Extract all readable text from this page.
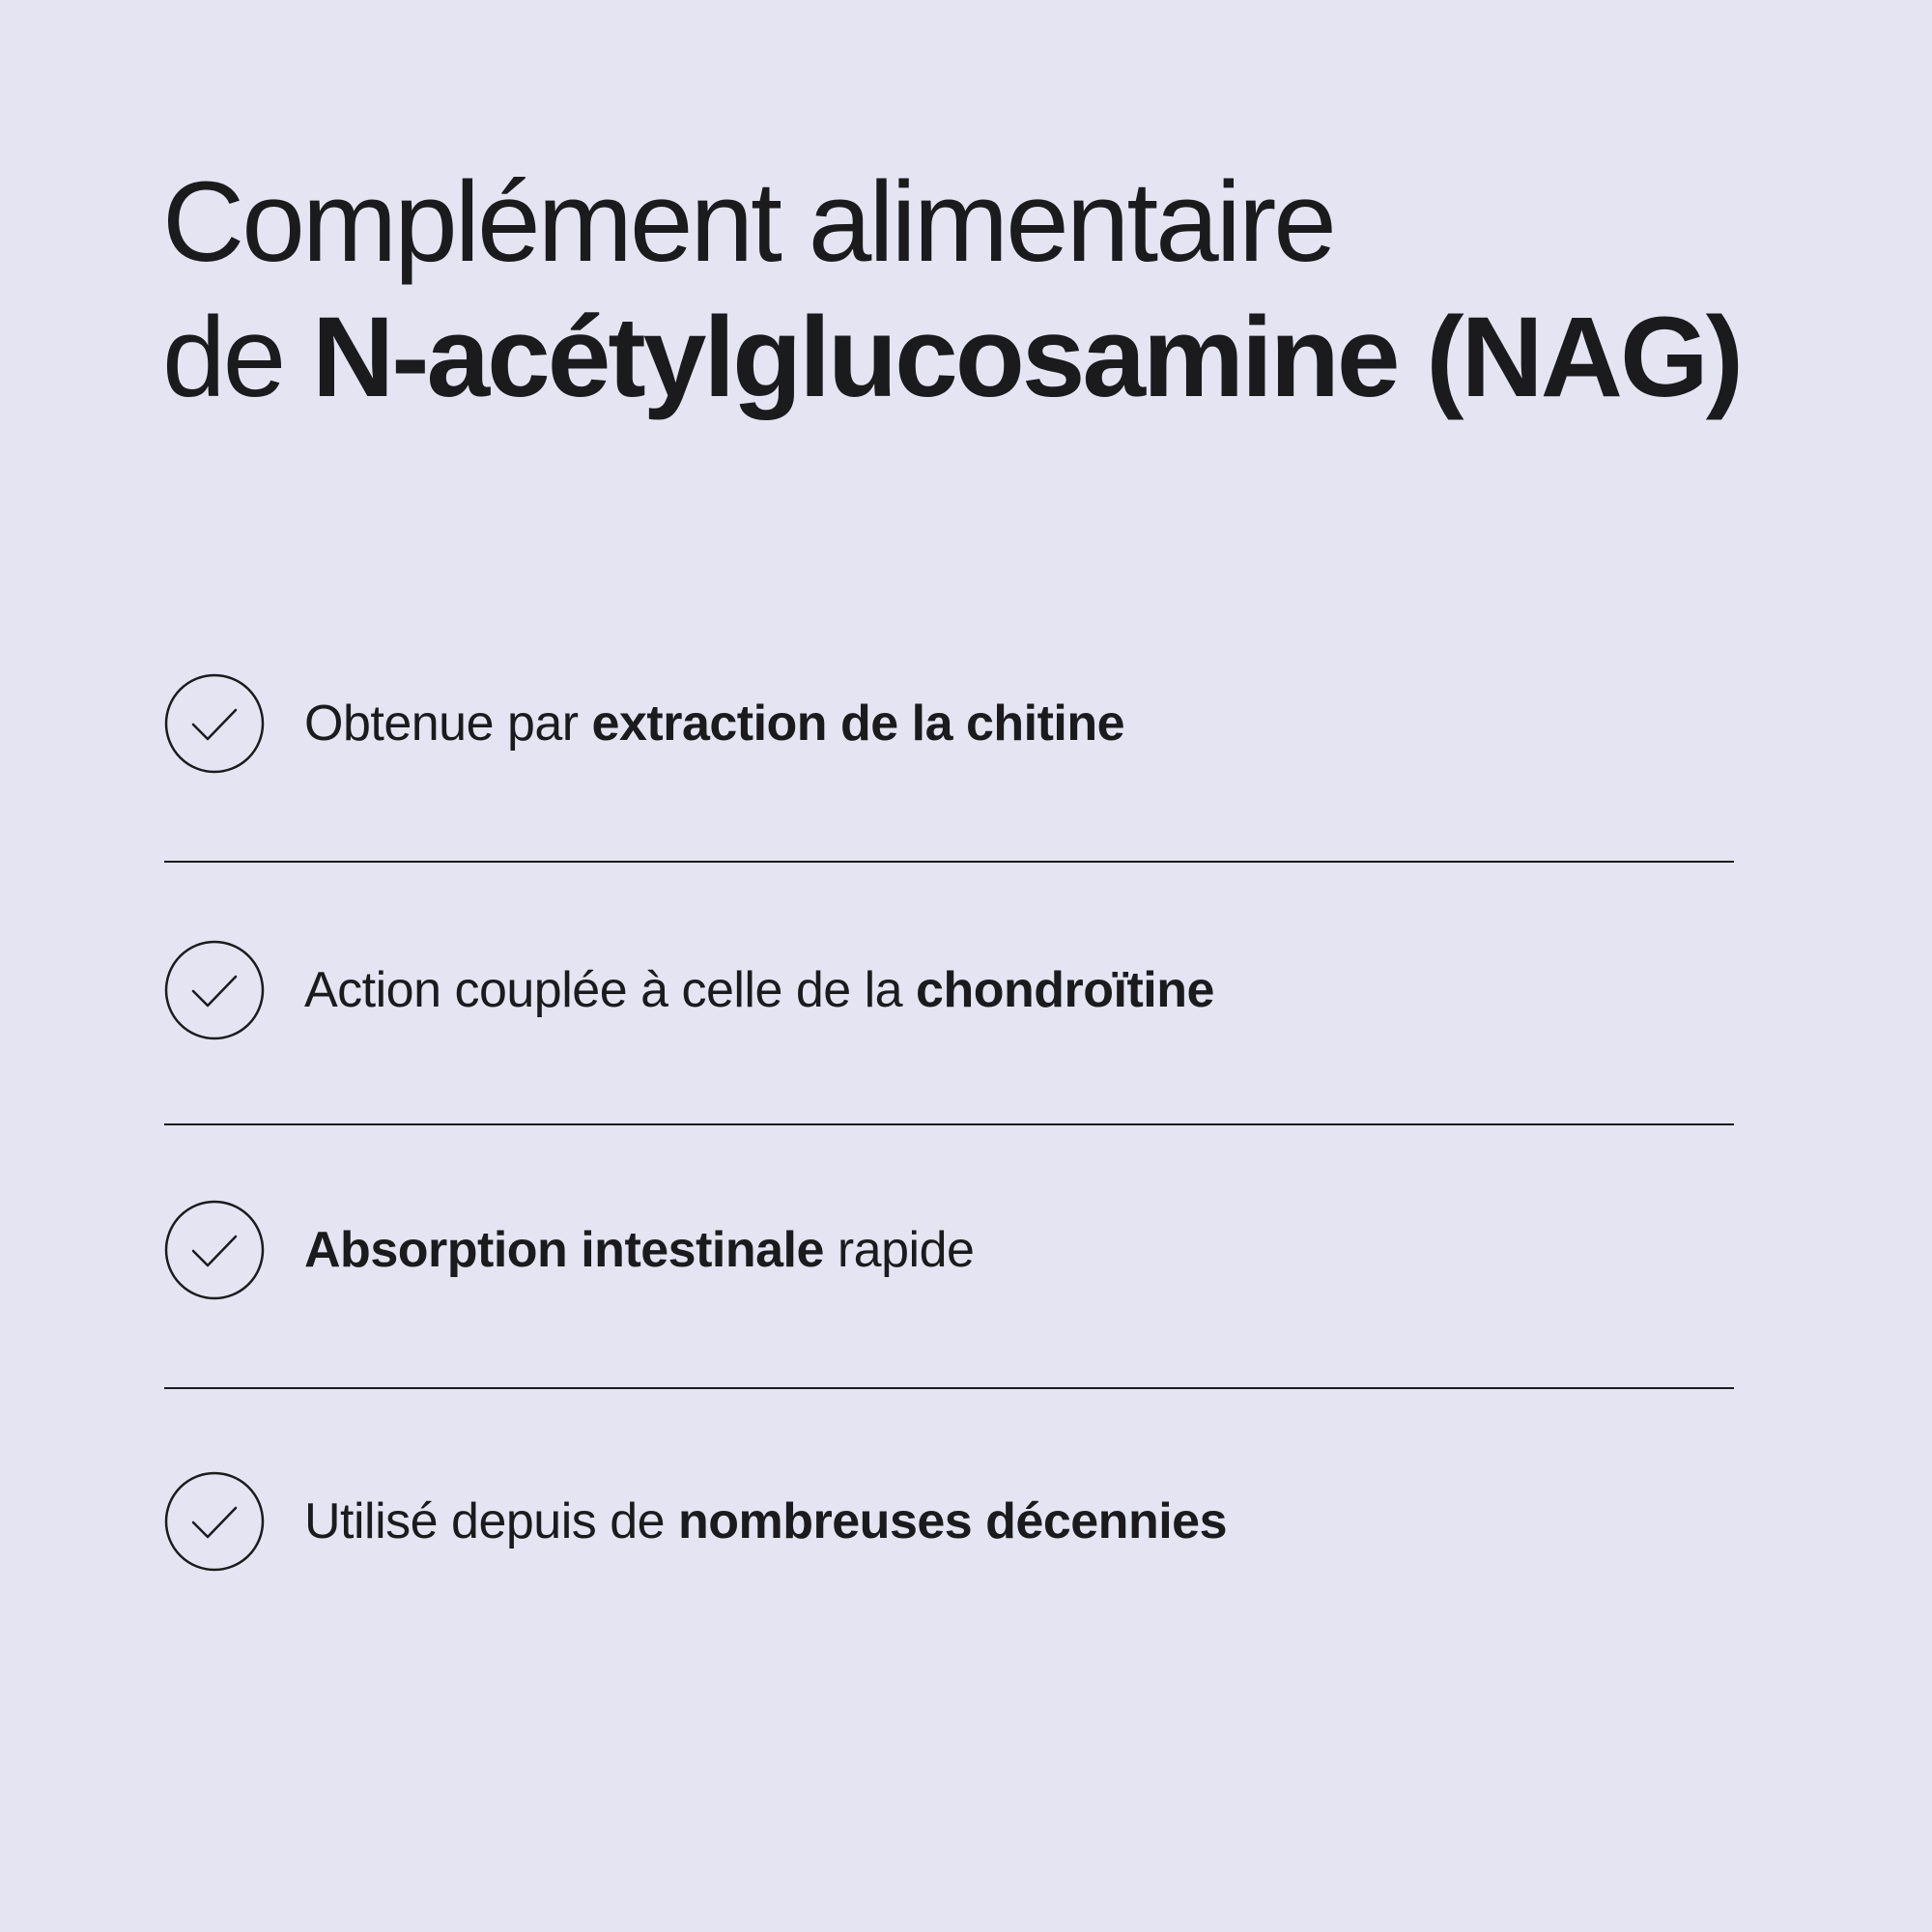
Complément alimentaire
de N-acétylglucosamine (NAG)
Obtenue par extraction de la chitine
Action couplée à celle de la chondroïtine
Absorption intestinale rapide
Utilisé depuis de nombreuses décennies
